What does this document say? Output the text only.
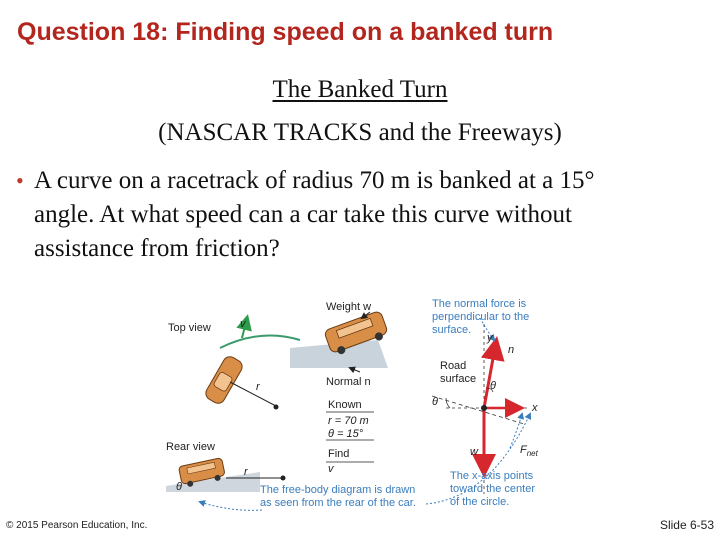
Question 18: Finding speed on a banked turn
The Banked Turn
(NASCAR TRACKS and the Freeways)
• A curve on a racetrack of radius 70 m is banked at a 15° angle. At what speed can a car take this curve without assistance from friction?
Top view
Rear view
Weight w
Normal n
r
r
θ
v
Known
r = 70 m
θ = 15°
Find
v
The normal force is
perpendicular to the
surface.
Road
surface
y
x
n
θ
θ
w	$F_{net}$
The x-axis points
toward the center
of the circle.
The free-body diagram is drawn
as seen from the rear of the car.
© 2015 Pearson Education, Inc.	Slide 6-53
